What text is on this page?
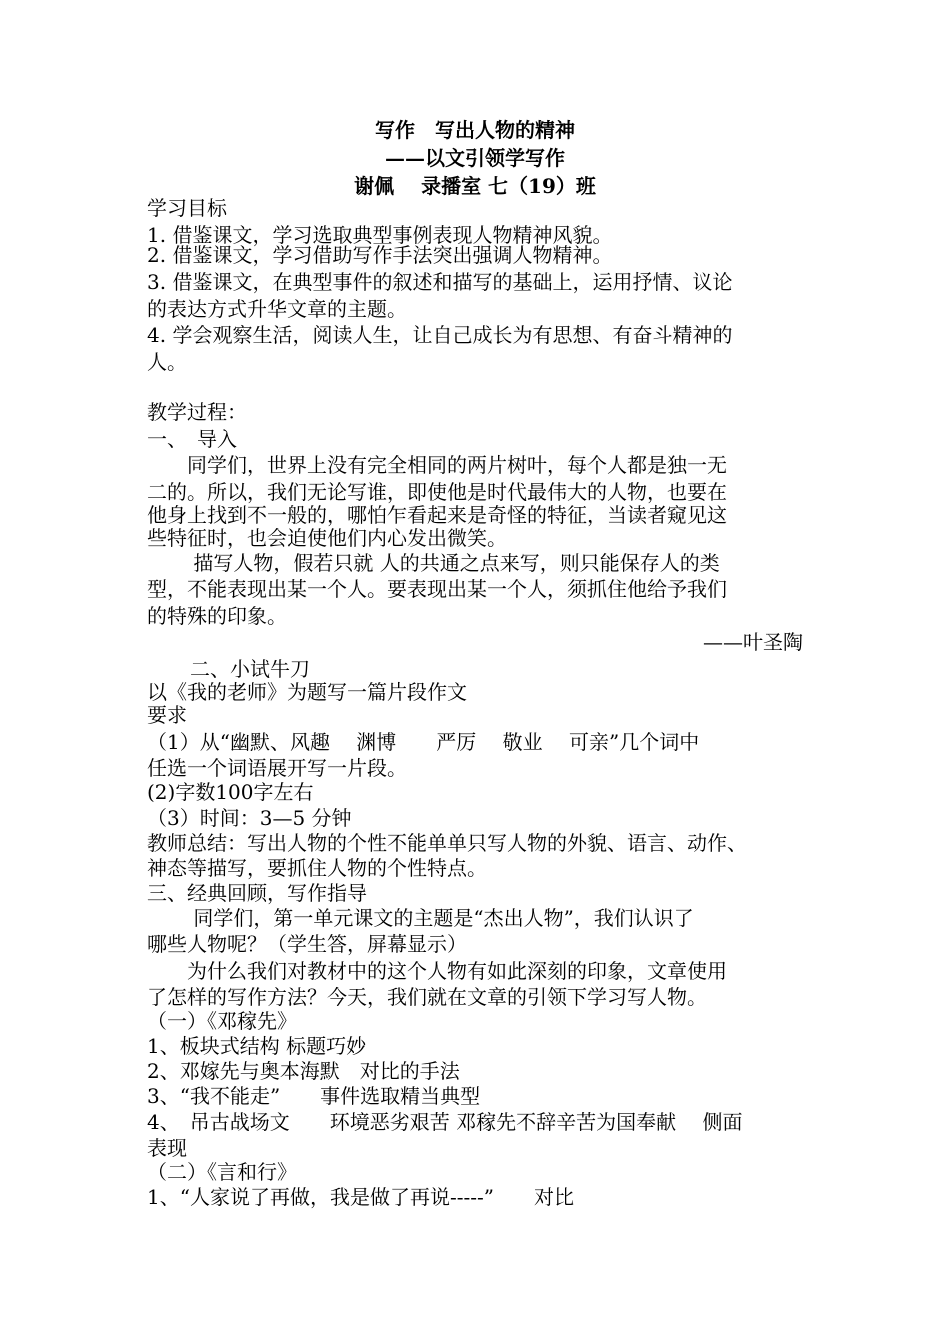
写作　写出人物的精神
——以文引领学写作
谢佩　 录播室 七（19）班
学习目标
1. 借鉴课文，学习选取典型事例表现人物精神风貌。
2. 借鉴课文，学习借助写作手法突出强调人物精神。
3. 借鉴课文，在典型事件的叙述和描写的基础上，运用抒情、议论
的表达方式升华文章的主题。
4. 学会观察生活，阅读人生，让自己成长为有思想、有奋斗精神的
人。
教学过程：
一、　导入
　　同学们，世界上没有完全相同的两片树叶，每个人都是独一无
二的。所以，我们无论写谁，即使他是时代最伟大的人物，也要在
他身上找到不一般的，哪怕乍看起来是奇怪的特征，当读者窥见这
些特征时，也会迫使他们内心发出微笑。
　　 描写人物，假若只就 人的共通之点来写，则只能保存人的类
型，不能表现出某一个人。要表现出某一个人，须抓住他给予我们
的特殊的印象。
——叶圣陶
二、小试牛刀
以《我的老师》为题写一篇片段作文
要求
（1）从“幽默、风趣　 渊博　　严厉　 敬业　 可亲”几个词中
任选一个词语展开写一片段。
(2)字数100字左右
（3）时间：3—5 分钟
教师总结：写出人物的个性不能单单只写人物的外貌、语言、动作、
神态等描写，要抓住人物的个性特点。
三、经典回顾，写作指导
　　 同学们，第一单元课文的主题是“杰出人物”，我们认识了
哪些人物呢？（学生答，屏幕显示）
　　为什么我们对教材中的这个人物有如此深刻的印象，文章使用
了怎样的写作方法？今天，我们就在文章的引领下学习写人物。
（一）《邓稼先》
1、板块式结构 标题巧妙
2、邓嫁先与奥本海默　对比的手法
3、“我不能走”　　事件选取精当典型
4、　吊古战场文　　环境恶劣艰苦 邓稼先不辞辛苦为国奉献　 侧面
表现
（二）《言和行》
1、“人家说了再做，我是做了再说-----”　　对比
